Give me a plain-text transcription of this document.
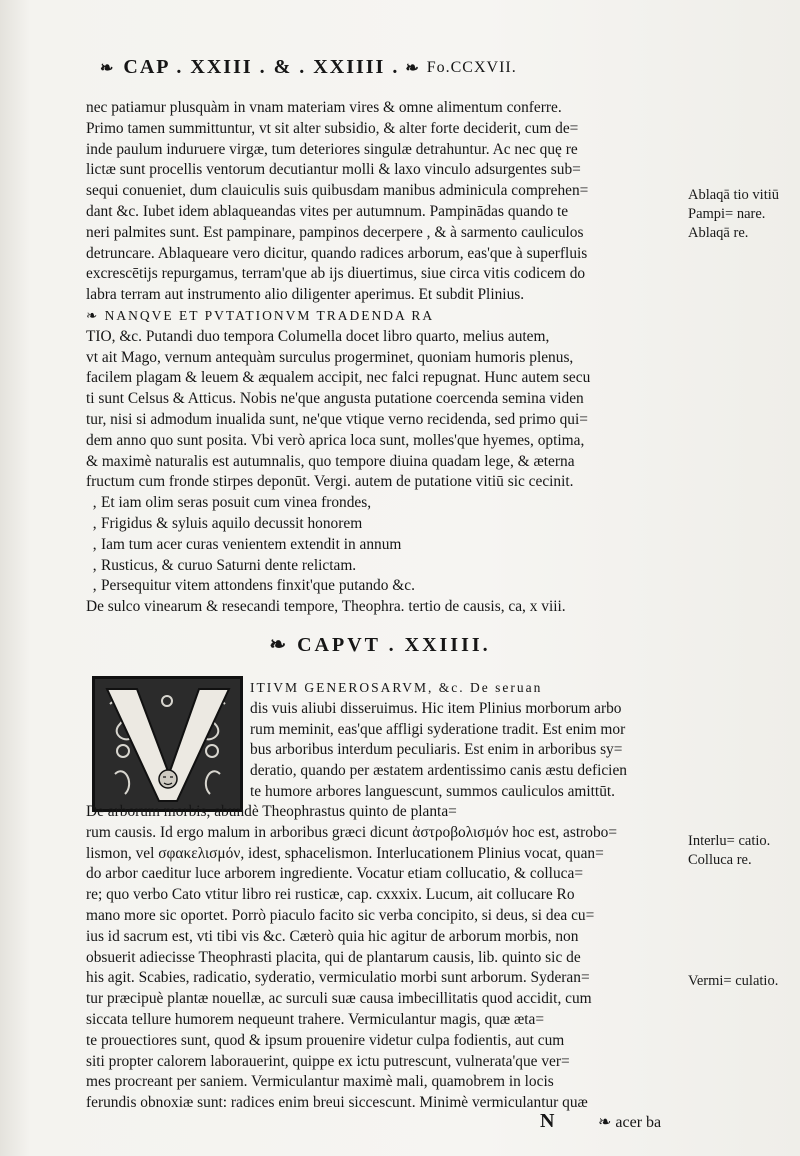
❧ CAP . XXIII . & . XXIIII . ❧ Fo.CCXVII.
nec patiamur plusquàm in vnam materiam vires & omne alimentum conferre.
Primo tamen summittuntur, vt sit alter subsidio, & alter forte deciderit, cum de=
inde paulum induruere virgæ, tum deteriores singulæ detrahuntur. Ac nec quę re
lictæ sunt procellis ventorum decutiantur molli & laxo vinculo adsurgentes sub=
sequi conueniet, dum clauiculis suis quibusdam manibus adminicula comprehen=
dant &c. Iubet idem ablaqueandas vites per autumnum. Pampinādas quando te
neri palmites sunt. Est pampinare, pampinos decerpere , & à sarmento cauliculos
detruncare. Ablaqueare vero dicitur, quando radices arborum, eas'que à superfluis
excrescētijs repurgamus, terram'que ab ijs diuertimus, siue circa vitis codicem do
labra terram aut instrumento alio diligenter aperimus. Et subdit Plinius.
❧ NANQVE ET PVTATIONVM TRADENDA RA
TIO, &c. Putandi duo tempora Columella docet libro quarto, melius autem,
vt ait Mago, vernum antequàm surculus progerminet, quoniam humoris plenus,
facilem plagam & leuem & æqualem accipit, nec falci repugnat. Hunc autem secu
ti sunt Celsus & Atticus. Nobis ne'que angusta putatione coercenda semina viden
tur, nisi si admodum inualida sunt, ne'que vtique verno recidenda, sed primo qui=
dem anno quo sunt posita. Vbi verò aprica loca sunt, molles'que hyemes, optima,
& maximè naturalis est autumnalis, quo tempore diuina quadam lege, & æterna
fructum cum fronde stirpes deponūt. Vergi. autem de putatione vitiū sic cecinit.
‚ Et iam olim seras posuit cum vinea frondes,
‚ Frigidus & syluis aquilo decussit honorem
‚ Iam tum acer curas venientem extendit in annum
‚ Rusticus, & curuo Saturni dente relictam.
‚ Persequitur vitem attondens finxit'que putando &c.
De sulco vinearum & resecandi tempore, Theophra. tertio de causis, ca, x viii.
Ablaqā tio vitiū Pampi= nare. Ablaqā re.
❧ CAPVT . XXIIII.
ITIVM GENEROSARVM, &c. De seruan
dis vuis aliubi disseruimus. Hic item Plinius morborum arbo
rum meminit, eas'que affligi syderatione tradit. Est enim mor
bus arboribus interdum peculiaris. Est enim in arboribus sy=
deratio, quando per æstatem ardentissimo canis æstu deficien
te humore arbores languescunt, summos cauliculos amittūt.
De arborum morbis, abundè Theophrastus quinto de planta=
rum causis. Id ergo malum in arboribus græci dicunt ἀστροβολισμόν hoc est, astrobo=
lismon, vel σφακελισμόν, idest, sphacelismon. Interlucationem Plinius vocat, quan=
do arbor caeditur luce arborem ingrediente. Vocatur etiam collucatio, & colluca=
re; quo verbo Cato vtitur libro rei rusticæ, cap. cxxxix. Lucum, ait collucare Ro
mano more sic oportet. Porrò piaculo facito sic verba concipito, si deus, si dea cu=
ius id sacrum est, vti tibi vis &c. Cæterò quia hic agitur de arborum morbis, non
obsuerit adiecisse Theophrasti placita, qui de plantarum causis, lib. quinto sic de
his agit. Scabies, radicatio, syderatio, vermiculatio morbi sunt arborum. Syderan=
tur præcipuè plantæ nouellæ, ac surculi suæ causa imbecillitatis quod accidit, cum
siccata tellure humorem nequeunt trahere. Vermiculantur magis, quæ æta=
te prouectiores sunt, quod & ipsum prouenire videtur culpa fodientis, aut cum
siti propter calorem laborauerint, quippe ex ictu putrescunt, vulnerata'que ver=
mes procreant per saniem. Vermiculantur maximè mali, quamobrem in locis
ferundis obnoxiæ sunt: radices enim breui siccescunt. Minimè vermiculantur quæ
Interlu= catio. Colluca re.
Vermi= culatio.
N	❧ acer ba
